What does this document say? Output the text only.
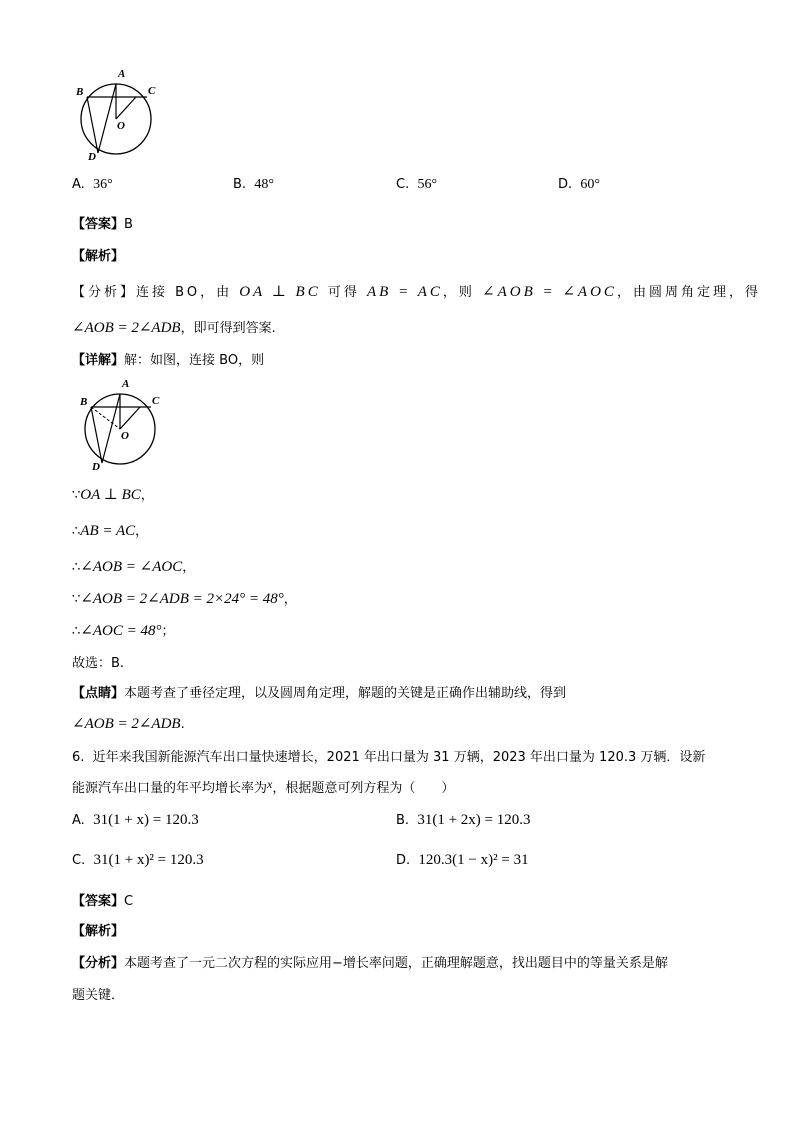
A
B	C
O
D
A. 36°	B. 48°	C. 56°	D. 60°
【答案】B
【解析】
【分析】连接 BO，由 OA ⊥ BC 可得 AB = AC，则 ∠AOB = ∠AOC，由圆周角定理，得
∠AOB = 2∠ADB，即可得到答案.
【详解】解：如图，连接 BO，则
A
B	C
O
D
∵OA ⊥ BC，
∴AB = AC，
∴∠AOB = ∠AOC，
∵∠AOB = 2∠ADB = 2×24° = 48°，
∴∠AOC = 48°；
故选：B.
【点睛】本题考查了垂径定理，以及圆周角定理，解题的关键是正确作出辅助线，得到
∠AOB = 2∠ADB.
6. 近年来我国新能源汽车出口量快速增长，2021 年出口量为 31 万辆，2023 年出口量为 120.3 万辆．设新
能源汽车出口量的年平均增长率为x，根据题意可列方程为（　　）
A. 31(1 + x) = 120.3	B. 31(1 + 2x) = 120.3
C. 31(1 + x)² = 120.3	D. 120.3(1 − x)² = 31
【答案】C
【解析】
【分析】本题考查了一元二次方程的实际应用−增长率问题，正确理解题意，找出题目中的等量关系是解
题关键．
